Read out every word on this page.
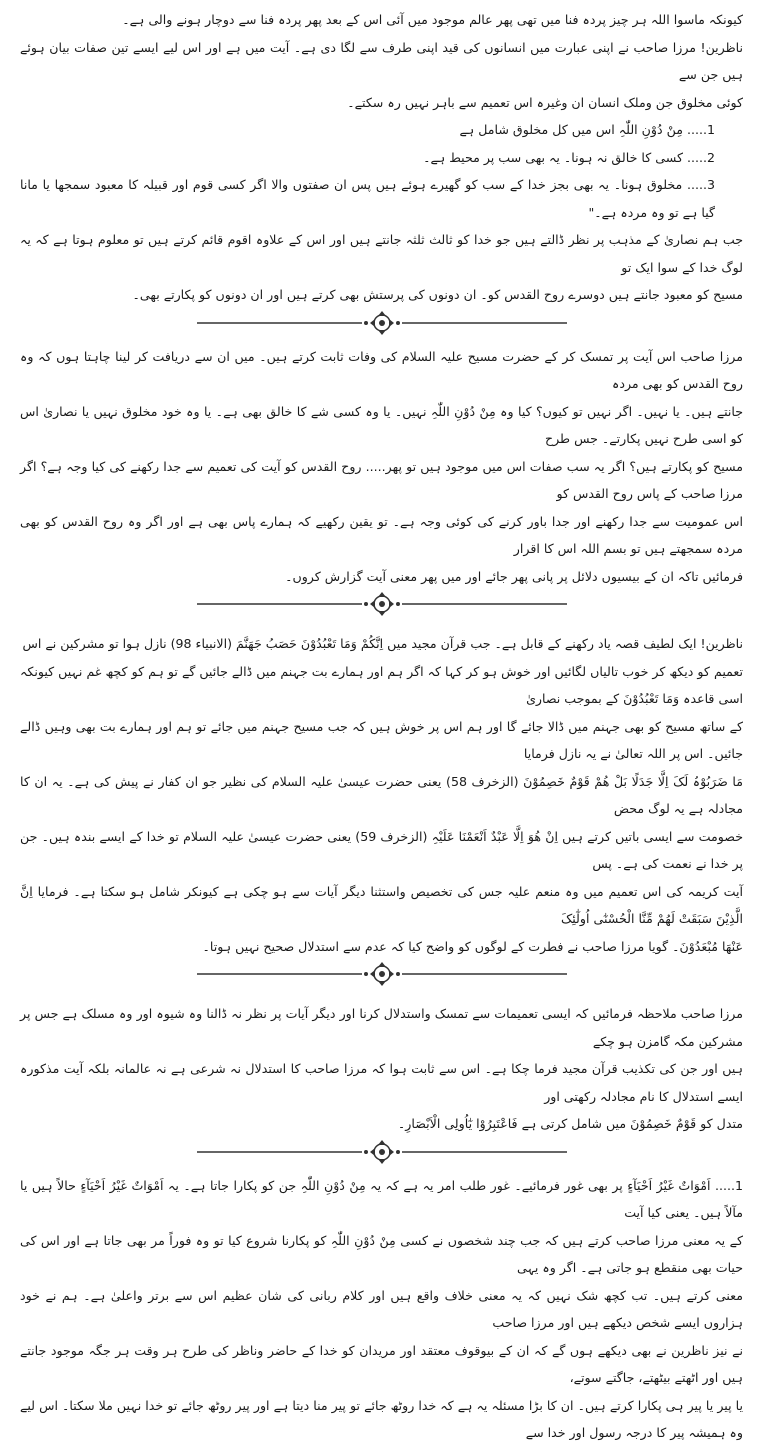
کیونکہ ماسوا اللہ ہر چیز پردہ فنا میں تھی پھر عالم موجود میں آئی اس کے بعد پھر پردہ فنا سے دوچار ہونے والی ہے۔
ناظرین! مرزا صاحب نے اپنی عبارت میں انسانوں کی قید اپنی طرف سے لگا دی ہے۔ آیت میں ہے اور اس لیے ایسے تین صفات بیان ہوئے ہیں جن سے
کوئی مخلوق جن وملک انسان ان وغیرہ اس تعمیم سے باہر نہیں رہ سکتے۔
1..... مِنْ دُوْنِ اللّٰہِ اس میں کل مخلوق شامل ہے
2..... کسی کا خالق نہ ہونا۔ یہ بھی سب پر محیط ہے۔
3..... مخلوق ہونا۔ یہ بھی بجز خدا کے سب کو گھیرے ہوئے ہیں پس ان صفتوں والا اگر کسی قوم اور قبیلہ کا معبود سمجھا یا مانا گیا ہے تو وہ مردہ ہے۔"
جب ہم نصاریٰ کے مذہب پر نظر ڈالتے ہیں جو خدا کو ثالث ثلثہ جانتے ہیں اور اس کے علاوہ اقوم قائم کرتے ہیں تو معلوم ہوتا ہے کہ یہ لوگ خدا کے سوا ایک تو
مسیح کو معبود جانتے ہیں دوسرے روح القدس کو۔ ان دونوں کی پرستش بھی کرتے ہیں اور ان دونوں کو پکارتے بھی۔
مرزا صاحب اس آیت پر تمسک کر کے حضرت مسیح علیہ السلام کی وفات ثابت کرتے ہیں۔ میں ان سے دریافت کر لینا چاہتا ہوں کہ وہ روح القدس کو بھی مردہ
جانتے ہیں۔ یا نہیں۔ اگر نہیں تو کیوں؟ کیا وہ مِنْ دُوْنِ اللّٰہِ نہیں۔ یا وہ کسی شے کا خالق بھی ہے۔ یا وہ خود مخلوق نہیں یا نصاریٰ اس کو اسی طرح نہیں پکارتے۔ جس طرح
مسیح کو پکارتے ہیں؟ اگر یہ سب صفات اس میں موجود ہیں تو پھر..... روح القدس کو آیت کی تعمیم سے جدا رکھنے کی کیا وجہ ہے؟ اگر مرزا صاحب کے پاس روح القدس کو
اس عمومیت سے جدا رکھنے اور جدا باور کرنے کی کوئی وجہ ہے۔ تو یقین رکھیے کہ ہمارے پاس بھی ہے اور اگر وہ روح القدس کو بھی مردہ سمجھتے ہیں تو بسم اللہ اس کا اقرار
فرمائیں تاکہ ان کے بیسیوں دلائل پر پانی پھر جائے اور میں پھر معنی آیت گزارش کروں۔
ناظرین! ایک لطیف قصہ یاد رکھنے کے قابل ہے۔ جب قرآن مجید میں اِنَّکُمْ وَمَا تَعْبُدُوْنَ حَصَبُ جَھَنَّمَ (الانبیاء 98) نازل ہوا تو مشرکین نے اس
تعمیم کو دیکھ کر خوب تالیاں لگائیں اور خوش ہو کر کہا کہ اگر ہم اور ہمارے بت جہنم میں ڈالے جائیں گے تو ہم کو کچھ غم نہیں کیونکہ اسی قاعدہ وَمَا تَعْبُدُوْنَ کے بموجب نصاریٰ
کے ساتھ مسیح کو بھی جہنم میں ڈالا جائے گا اور ہم اس پر خوش ہیں کہ جب مسیح جہنم میں جائے تو ہم اور ہمارے بت بھی وہیں ڈالے جائیں۔ اس پر اللہ تعالیٰ نے یہ نازل فرمایا
مَا ضَرَبُوْہُ لَکَ اِلَّا جَدَلًا بَلْ ھُمْ قَوْمٌ خَصِمُوْنَ (الزخرف 58) یعنی حضرت عیسیٰ علیہ السلام کی نظیر جو ان کفار نے پیش کی ہے۔ یہ ان کا مجادلہ ہے یہ لوگ محض
خصومت سے ایسی باتیں کرتے ہیں اِنْ ھُوَ اِلَّا عَبْدٌ اَنْعَمْنَا عَلَیْہِ (الزخرف 59) یعنی حضرت عیسیٰ علیہ السلام تو خدا کے ایسے بندہ ہیں۔ جن پر خدا نے نعمت کی ہے۔ پس
آیت کریمہ کی اس تعمیم میں وہ منعم علیہ جس کی تخصیص واستثنا دیگر آیات سے ہو چکی ہے کیونکر شامل ہو سکتا ہے۔ فرمایا اِنَّ الَّذِیْنَ سَبَقَتْ لَھُمْ مِّنَّا الْحُسْنٰٓی اُولٰٓئِکَ
عَنْھَا مُبْعَدُوْنَ۔ گویا مرزا صاحب نے فطرت کے لوگوں کو واضح کیا کہ عدم سے استدلال صحیح نہیں ہوتا۔
مرزا صاحب ملاحظہ فرمائیں کہ ایسی تعمیمات سے تمسک واستدلال کرنا اور دیگر آیات پر نظر نہ ڈالنا وہ شیوہ اور وہ مسلک ہے جس پر مشرکین مکہ گامزن ہو چکے
ہیں اور جن کی تکذیب قرآن مجید فرما چکا ہے۔ اس سے ثابت ہوا کہ مرزا صاحب کا استدلال نہ شرعی ہے نہ عالمانہ بلکہ آیت مذکورہ ایسے استدلال کا نام مجادلہ رکھتی اور
متدل کو قَوْمٌ خَصِمُوْنَ میں شامل کرتی ہے فَاعْتَبِرُوْا یٰٓاُولِی الْاَبْصَارِ۔
1..... اَمْوَاتٌ غَیْرُ اَحْیَآءٍ پر بھی غور فرمائیے۔ غور طلب امر یہ ہے کہ یہ مِنْ دُوْنِ اللّٰہِ جن کو پکارا جاتا ہے۔ یہ اَمْوَاتٌ غَیْرُ اَحْیَآءٍ حالاً ہیں یا مآلاً ہیں۔ یعنی کیا آیت
کے یہ معنی مرزا صاحب کرتے ہیں کہ جب چند شخصوں نے کسی مِنْ دُوْنِ اللّٰہِ کو پکارنا شروع کیا تو وہ فوراً مر بھی جاتا ہے اور اس کی حیات بھی منقطع ہو جاتی ہے۔ اگر وہ یہی
معنی کرتے ہیں۔ تب کچھ شک نہیں کہ یہ معنی خلاف واقع ہیں اور کلام ربانی کی شان عظیم اس سے برتر واعلیٰ ہے۔ ہم نے خود ہزاروں ایسے شخص دیکھے ہیں اور مرزا صاحب
نے نیز ناظرین نے بھی دیکھے ہوں گے کہ ان کے بیوقوف معتقد اور مریدان کو خدا کے حاضر وناظر کی طرح ہر وقت ہر جگہ موجود جانتے ہیں اور اٹھتے بیٹھتے، جاگتے سوتے،
یا پیر یا پیر ہی پکارا کرتے ہیں۔ ان کا بڑا مسئلہ یہ ہے کہ خدا روٹھ جائے تو پیر منا دیتا ہے اور پیر روٹھ جائے تو خدا نہیں ملا سکتا۔ اس لیے وہ ہمیشہ پیر کا درجہ رسول اور خدا سے
